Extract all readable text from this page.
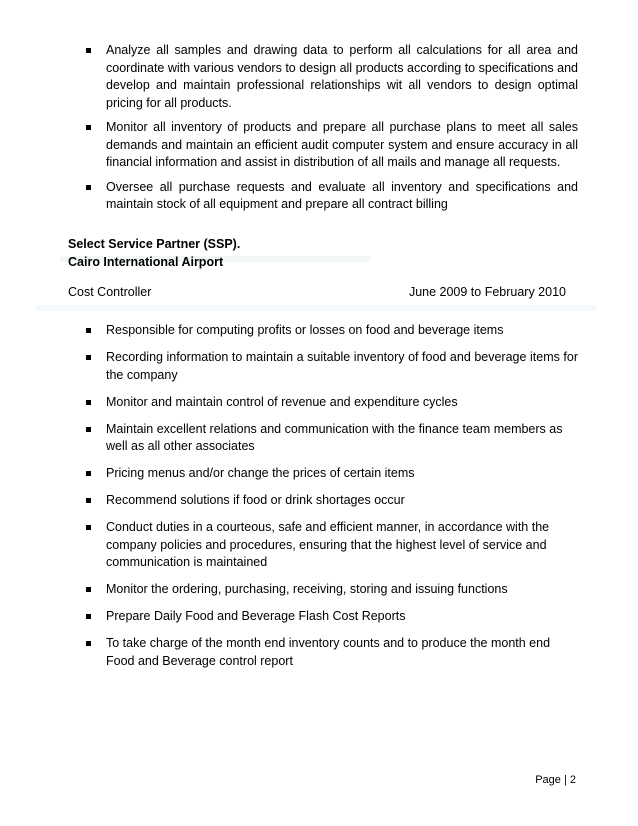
Analyze all samples and drawing data to perform all calculations for all area and coordinate with various vendors to design all products according to specifications and develop and maintain professional relationships wit all vendors to design optimal pricing for all products.
Monitor all inventory of products and prepare all purchase plans to meet all sales demands and maintain an efficient audit computer system and ensure accuracy in all financial information and assist in distribution of all mails and manage all requests.
Oversee all purchase requests and evaluate all inventory and specifications and maintain stock of all equipment and prepare all contract billing
Select Service Partner (SSP).
Cairo International Airport
Cost Controller	June 2009 to February 2010
Responsible for computing profits or losses on food and beverage items
Recording information to maintain a suitable inventory of food and beverage items for the company
Monitor and maintain control of revenue and expenditure cycles
Maintain excellent relations and communication with the finance team members as well as all other associates
Pricing menus and/or change the prices of certain items
Recommend solutions if food or drink shortages occur
Conduct duties in a courteous, safe and efficient manner, in accordance with the company policies and procedures, ensuring that the highest level of service and communication is maintained
Monitor the ordering, purchasing, receiving, storing and issuing functions
Prepare Daily Food and Beverage Flash Cost Reports
To take charge of the month end inventory counts and to produce the month end Food and Beverage control report
Page | 2
